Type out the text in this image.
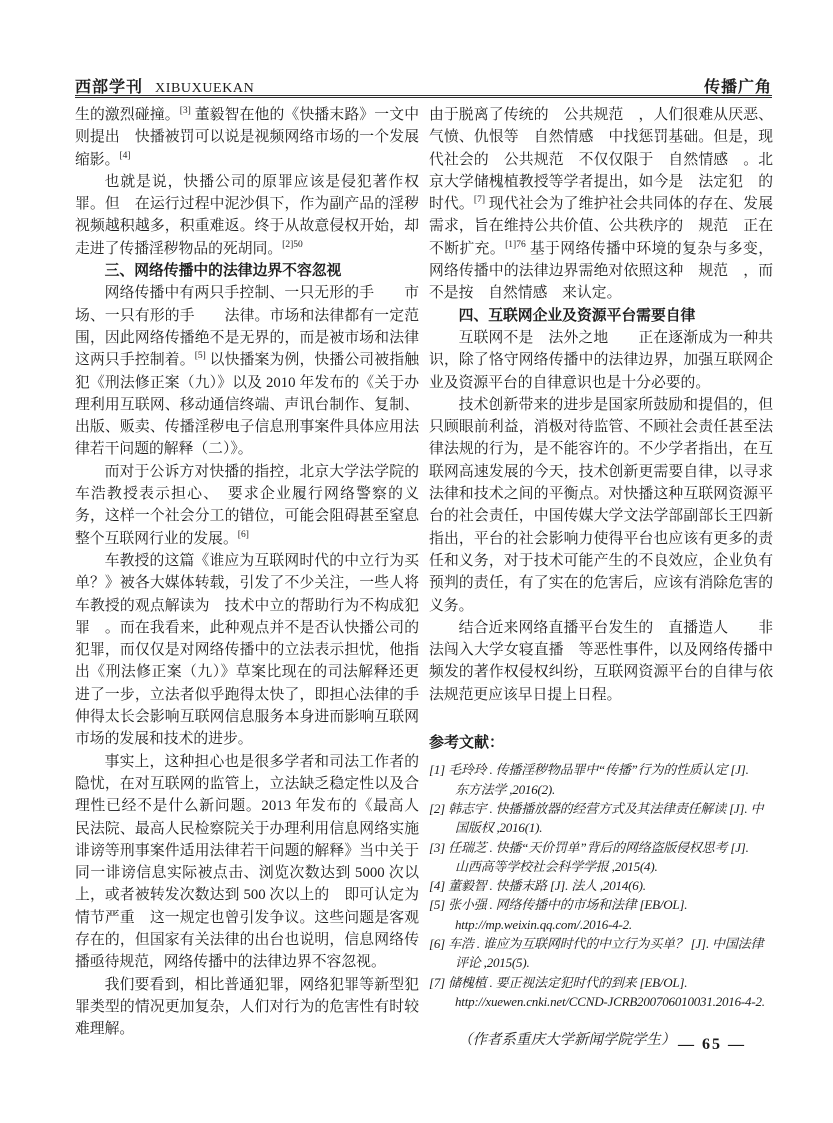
西部学刊 XIBUXUEKAN	传播广角

生的激烈碰撞。[3] 董毅智在他的《快播末路》一文中则提出　快播被罚可以说是视频网络市场的一个发展缩影。[4]

也就是说，快播公司的原罪应该是侵犯著作权罪。但　在运行过程中泥沙俱下，作为副产品的淫秽视频越积越多，积重难返。终于从故意侵权开始，却走进了传播淫秽物品的死胡同。$^{[2]50}$

三、网络传播中的法律边界不容忽视

网络传播中有两只手控制、一只无形的手　　市场、一只有形的手　　法律。市场和法律都有一定范围，因此网络传播绝不是无界的，而是被市场和法律这两只手控制着。[5] 以快播案为例，快播公司被指触犯《刑法修正案（九）》以及 2010 年发布的《关于办理利用互联网、移动通信终端、声讯台制作、复制、出版、贩卖、传播淫秽电子信息刑事案件具体应用法律若干问题的解释（二）》。

而对于公诉方对快播的指控，北京大学法学院的车浩教授表示担心、　要求企业履行网络警察的义务，这样一个社会分工的错位，可能会阻碍甚至窒息整个互联网行业的发展。[6]

车教授的这篇《谁应为互联网时代的中立行为买单？》被各大媒体转载，引发了不少关注，一些人将车教授的观点解读为　技术中立的帮助行为不构成犯罪　。而在我看来，此种观点并不是否认快播公司的犯罪，而仅仅是对网络传播中的立法表示担忧，他指出《刑法修正案（九）》草案比现在的司法解释还更进了一步，立法者似乎跑得太快了，即担心法律的手伸得太长会影响互联网信息服务本身进而影响互联网市场的发展和技术的进步。

事实上，这种担心也是很多学者和司法工作者的隐忧，在对互联网的监管上，立法缺乏稳定性以及合理性已经不是什么新问题。2013 年发布的《最高人民法院、最高人民检察院关于办理利用信息网络实施诽谤等刑事案件适用法律若干问题的解释》当中关于　同一诽谤信息实际被点击、浏览次数达到 5000 次以上，或者被转发次数达到 500 次以上的　即可认定为　情节严重　这一规定也曾引发争议。这些问题是客观存在的，但国家有关法律的出台也说明，信息网络传播亟待规范，网络传播中的法律边界不容忽视。

我们要看到，相比普通犯罪，网络犯罪等新型犯罪类型的情况更加复杂，人们对行为的危害性有时较难理解。

由于脱离了传统的　公共规范　，人们很难从厌恶、气愤、仇恨等　自然情感　中找惩罚基础。但是，现代社会的　公共规范　不仅仅限于　自然情感　。北京大学储槐植教授等学者提出，如今是　法定犯　的时代。[7] 现代社会为了维护社会共同体的存在、发展需求，旨在维持公共价值、公共秩序的　规范　正在不断扩充。$^{[1]76}$ 基于网络传播中环境的复杂与多变，网络传播中的法律边界需绝对依照这种　规范　，而不是按　自然情感　来认定。

四、互联网企业及资源平台需要自律

互联网不是　法外之地　　正在逐渐成为一种共识，除了恪守网络传播中的法律边界，加强互联网企业及资源平台的自律意识也是十分必要的。

技术创新带来的进步是国家所鼓励和提倡的，但只顾眼前利益，消极对待监管、不顾社会责任甚至法律法规的行为，是不能容许的。不少学者指出，在互联网高速发展的今天，技术创新更需要自律，以寻求法律和技术之间的平衡点。对快播这种互联网资源平台的社会责任，中国传媒大学文法学部副部长王四新指出，平台的社会影响力使得平台也应该有更多的责任和义务，对于技术可能产生的不良效应，企业负有预判的责任，有了实在的危害后，应该有消除危害的义务。

结合近来网络直播平台发生的　直播造人　　非法闯入大学女寝直播　等恶性事件，以及网络传播中频发的著作权侵权纠纷，互联网资源平台的自律与依法规范更应该早日提上日程。

参考文献：

[1] 毛玲玲 . 传播淫秽物品罪中“传播”行为的性质认定 [J].
东方法学 ,2016(2).
[2] 韩志宇 . 快播播放器的经营方式及其法律责任解读 [J]. 中
国版权 ,2016(1).
[3] 任瑞芝 . 快播“天价罚单”背后的网络盗版侵权思考 [J].
山西高等学校社会科学学报 ,2015(4).
[4] 董毅智 . 快播末路 [J]. 法人 ,2014(6).
[5] 张小强 . 网络传播中的市场和法律 [EB/OL].
http://mp.weixin.qq.com/.2016-4-2.
[6] 车浩 . 谁应为互联网时代的中立行为买单？ [J]. 中国法律
评论 ,2015(5).
[7] 储槐植 . 要正视法定犯时代的到来 [EB/OL].
http://xuewen.cnki.net/CCND-JCRB200706010031.2016-4-2.

（作者系重庆大学新闻学院学生） — 65 —
